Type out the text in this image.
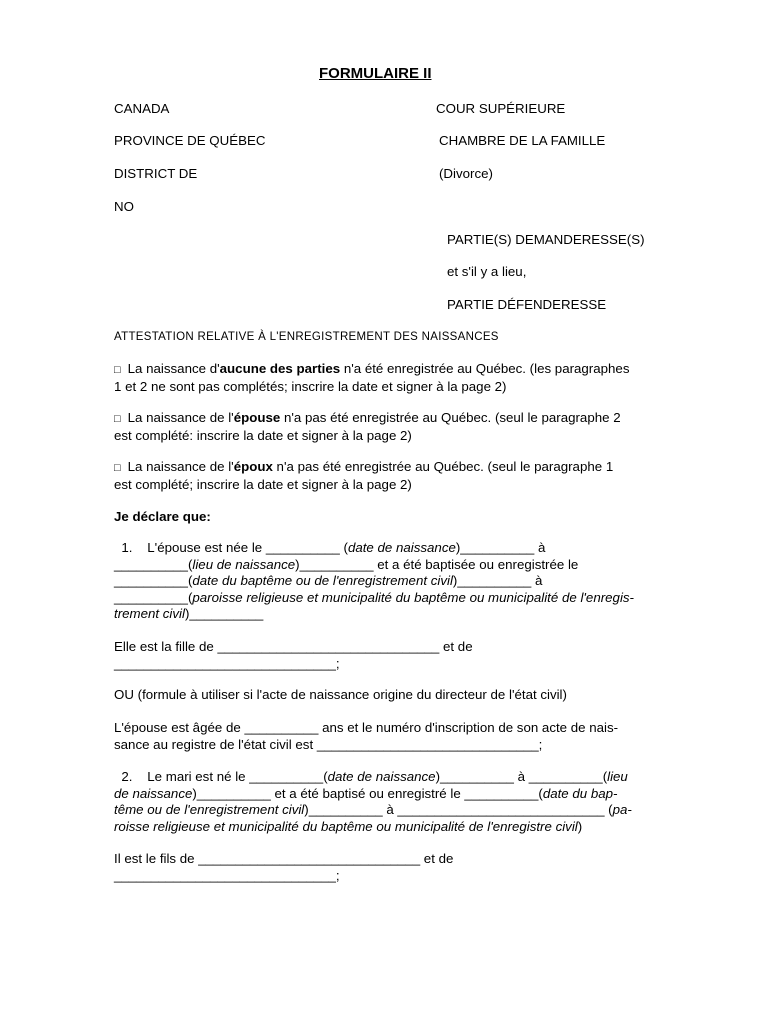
FORMULAIRE II
CANADA
PROVINCE DE QUÉBEC
DISTRICT DE
NO
COUR SUPÉRIEURE
CHAMBRE DE LA FAMILLE
(Divorce)
PARTIE(S) DEMANDERESSE(S)
et s'il y a lieu,
PARTIE DÉFENDERESSE
ATTESTATION RELATIVE À L'ENREGISTREMENT DES NAISSANCES
□ La naissance d'aucune des parties n'a été enregistrée au Québec. (les paragraphes
1 et 2 ne sont pas complétés; inscrire la date et signer à la page 2)
□ La naissance de l'épouse n'a pas été enregistrée au Québec. (seul le paragraphe 2
est complété: inscrire la date et signer à la page 2)
□ La naissance de l'époux n'a pas été enregistrée au Québec. (seul le paragraphe 1
est complété; inscrire la date et signer à la page 2)
Je déclare que:
1.    L'épouse est née le __________ (date de naissance)__________ à
__________(lieu de naissance)__________ et a été baptisée ou enregistrée le
__________(date du baptême ou de l'enregistrement civil)__________ à
__________(paroisse religieuse et municipalité du baptême ou municipalité de l'enregis-
trement civil)__________
Elle est la fille de ______________________________ et de
______________________________;
OU (formule à utiliser si l'acte de naissance origine du directeur de l'état civil)
L'épouse est âgée de __________ ans et le numéro d'inscription de son acte de nais-
sance au registre de l'état civil est ______________________________;
2.    Le mari est né le __________(date de naissance)__________ à __________(lieu
de naissance)__________ et a été baptisé ou enregistré le __________(date du bap-
tême ou de l'enregistrement civil)__________ à ____________________________ (pa-
roisse religieuse et municipalité du baptême ou municipalité de l'enregistre civil)
Il est le fils de ______________________________ et de
______________________________;
